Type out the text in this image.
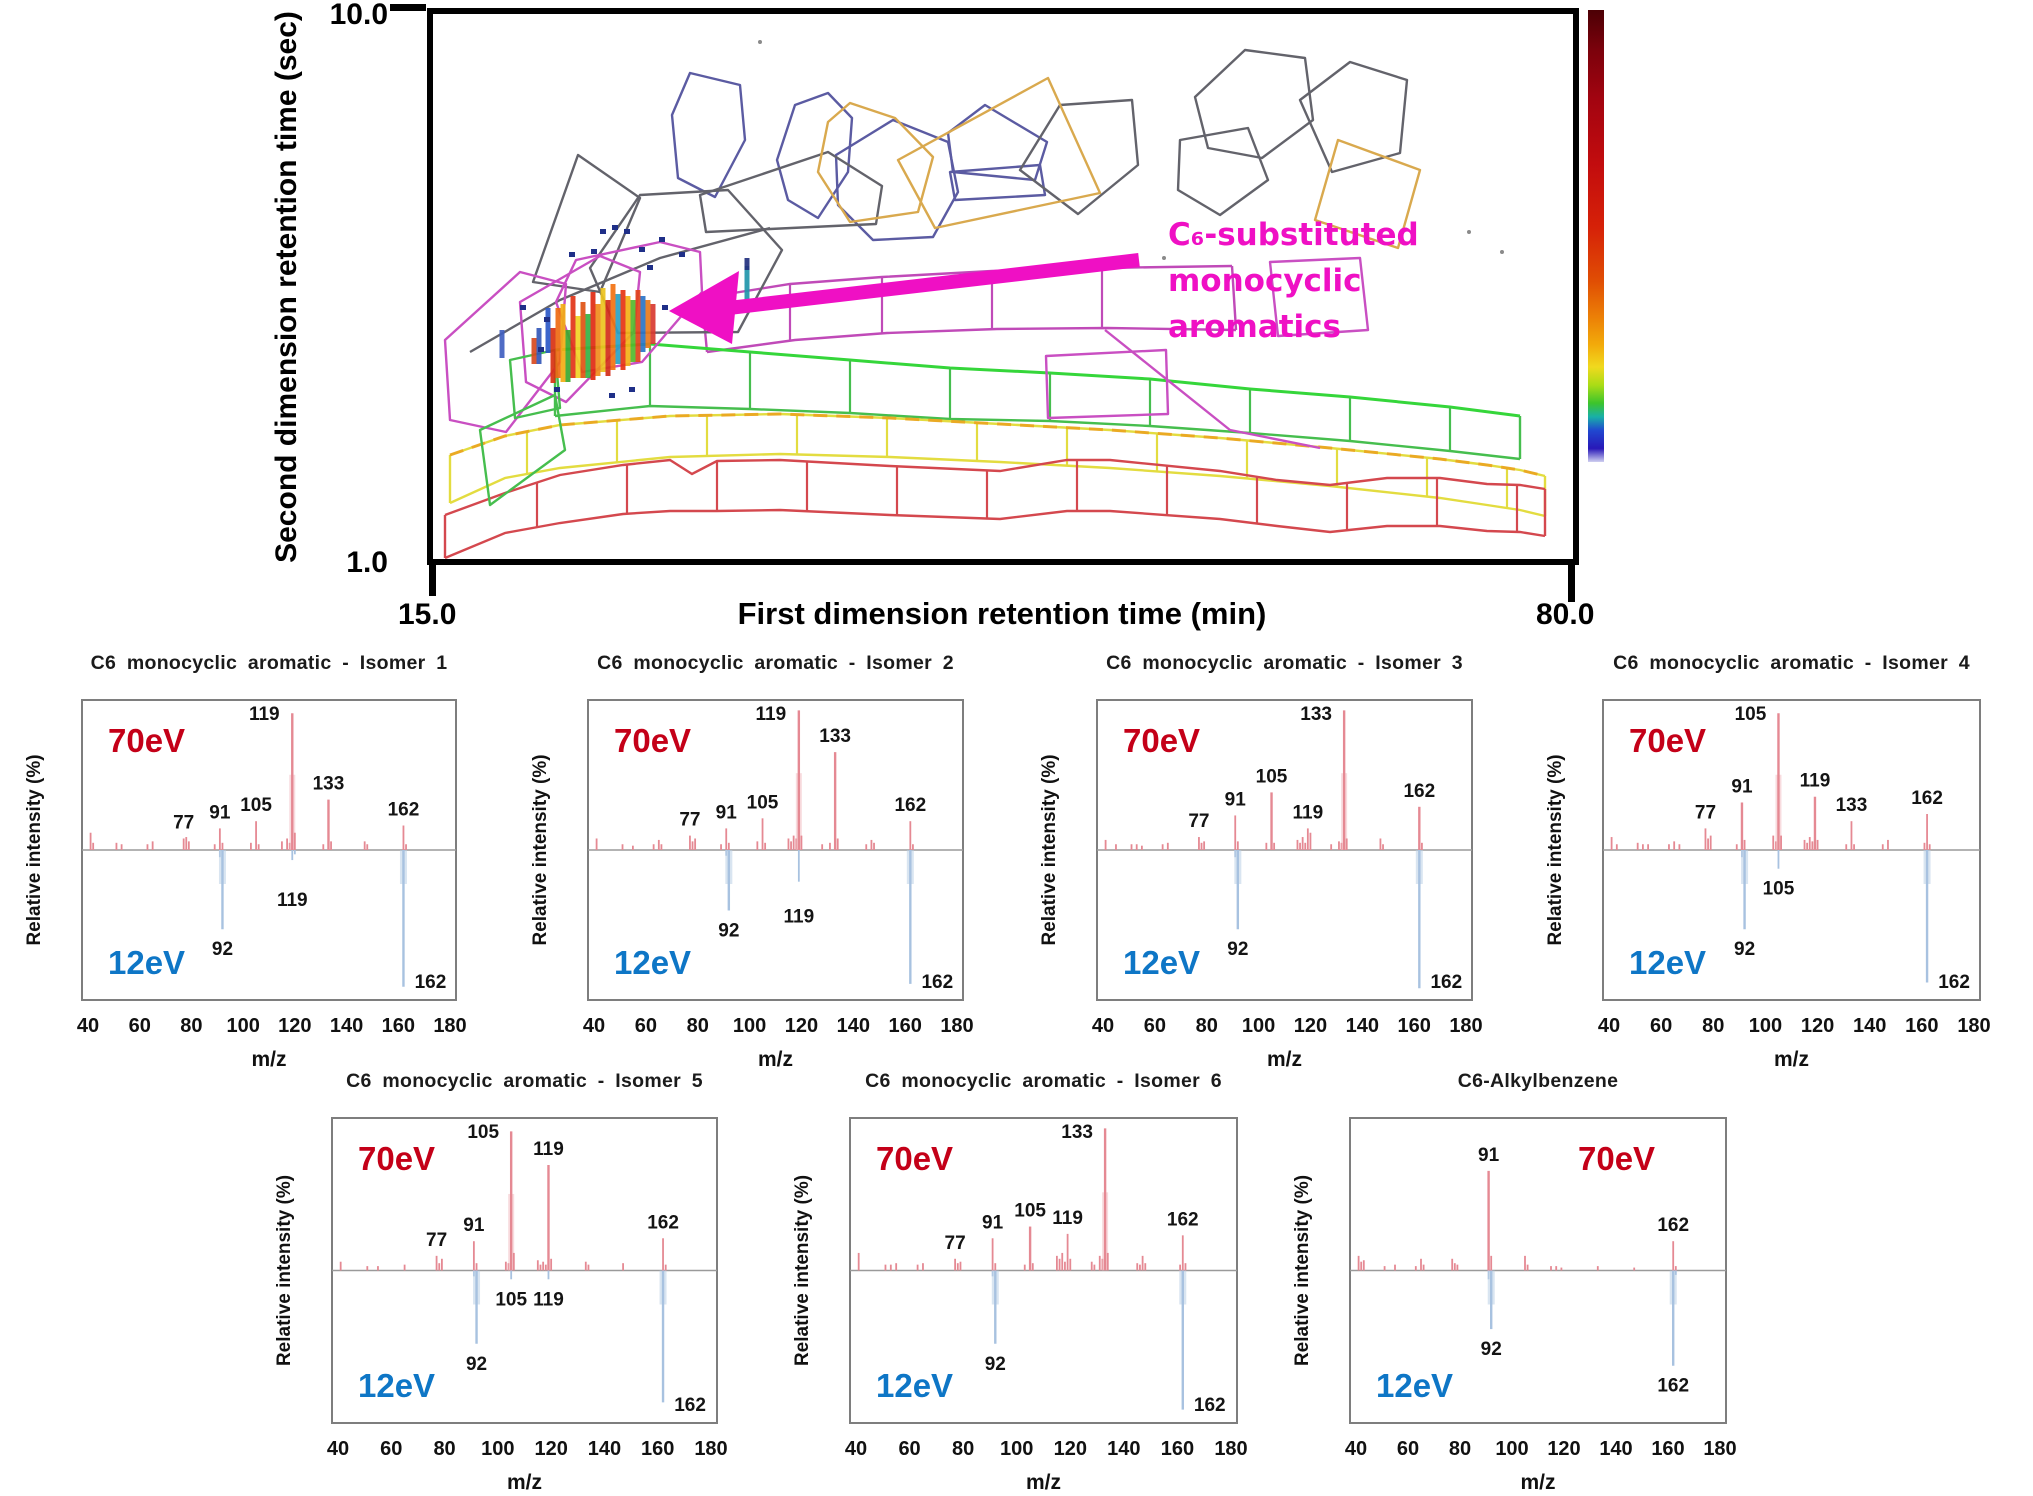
Second dimension retention time (sec) 10.0
1.0
15.0	80.0
First dimension retention time (min)
C₆-substituted
monocyclic
aromatics
C6 monocyclic aromatic - Isomer 1
Relative intensity (%)	77 91 105
119
133
162
70eV
92
119
162
12eV
40 60 80 100 120 140 160 180
m/z
C6 monocyclic aromatic - Isomer 2
Relative intensity (%)	77 91 105
119
133
162
70eV
92
119
162
12eV
40 60 80 100 120 140 160 180
m/z
C6 monocyclic aromatic - Isomer 3
Relative intensity (%)	77
91
105
119
133
162
70eV
92
162
12eV
40 60 80 100 120 140 160 180
m/z
C6 monocyclic aromatic - Isomer 4
Relative intensity (%)	77
91
105
119
133 162
70eV
92
105
162
12eV
40 60 80 100 120 140 160 180
m/z
C6 monocyclic aromatic - Isomer 5
Relative intensity (%)	77
91
105
119
162
70eV
92
105 119
162
12eV
40 60 80 100 120 140 160 180
m/z
C6 monocyclic aromatic - Isomer 6
Relative intensity (%)	77
91
105 119
133
162
70eV
92
162
12eV
40 60 80 100 120 140 160 180
m/z
C6-Alkylbenzene
Relative intensity (%)
91
162
70eV
92
162
12eV
40 60 80 100 120 140 160 180
m/z
